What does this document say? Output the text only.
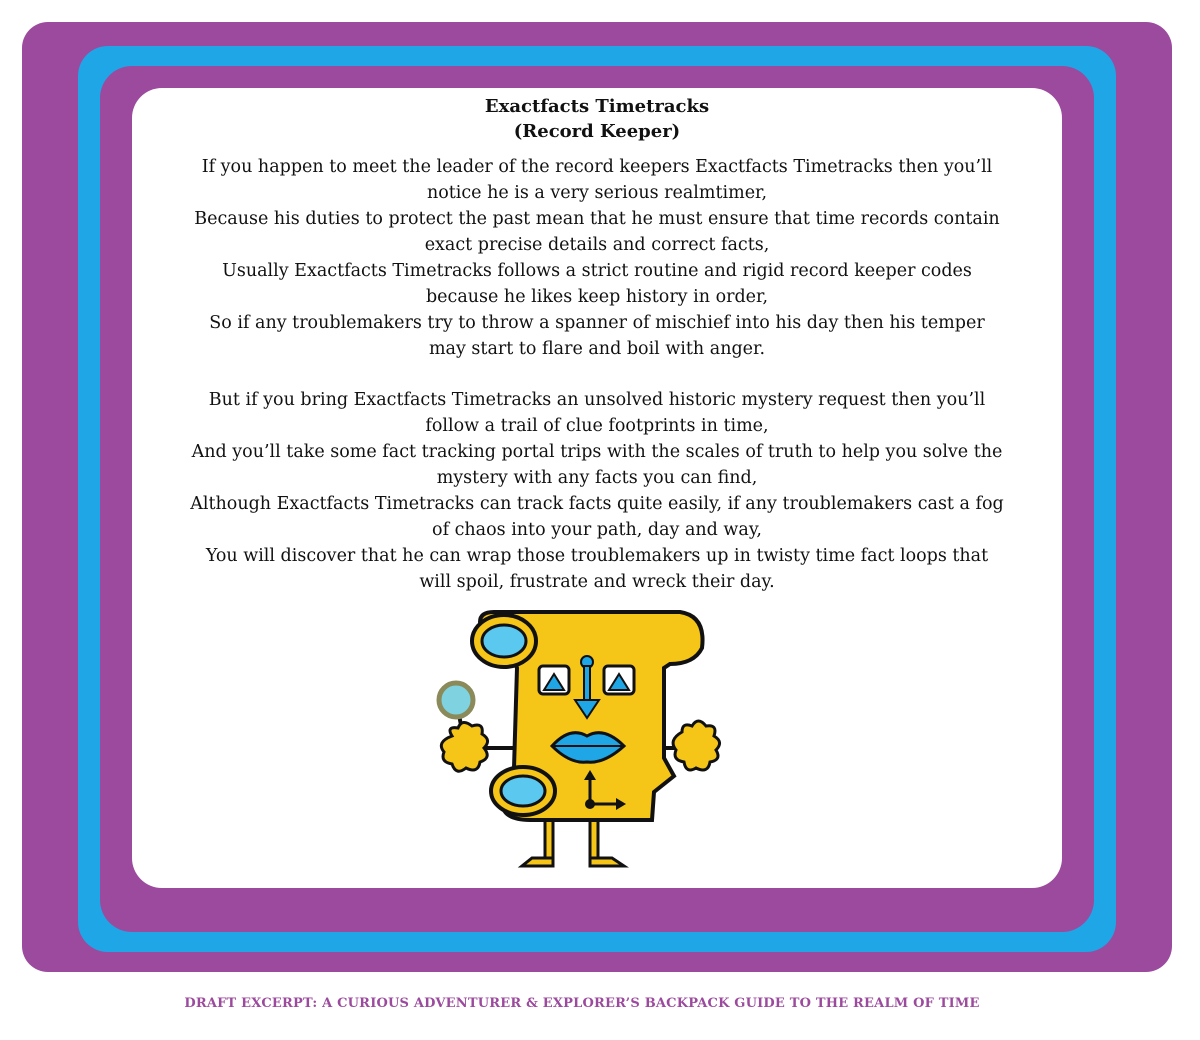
Exactfacts Timetracks
(Record Keeper)
If you happen to meet the leader of the record keepers Exactfacts Timetracks then you’ll
notice he is a very serious realmtimer,
Because his duties to protect the past mean that he must ensure that time records contain
exact precise details and correct facts,
Usually Exactfacts Timetracks follows a strict routine and rigid record keeper codes
because he likes keep history in order,
So if any troublemakers try to throw a spanner of mischief into his day then his temper
may start to flare and boil with anger.
But if you bring Exactfacts Timetracks an unsolved historic mystery request then you’ll
follow a trail of clue footprints in time,
And you’ll take some fact tracking portal trips with the scales of truth to help you solve the
mystery with any facts you can find,
Although Exactfacts Timetracks can track facts quite easily, if any troublemakers cast a fog
of chaos into your path, day and way,
You will discover that he can wrap those troublemakers up in twisty time fact loops that
will spoil, frustrate and wreck their day.
DRAFT EXCERPT: A CURIOUS ADVENTURER & EXPLORER’S BACKPACK GUIDE TO THE REALM OF TIME
